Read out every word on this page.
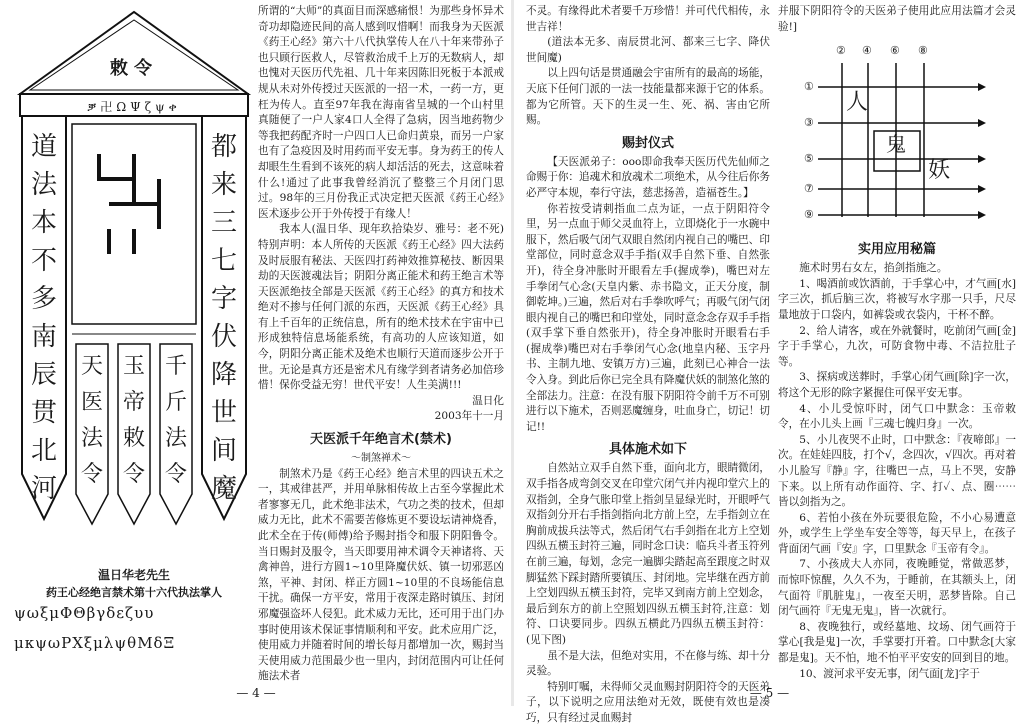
敕令
ቓ卍ΩΨζψቀ
道法本不多南辰贯北河
都来三七字伏降世间魔
天医法令
玉帝敕令
千斤法令
温日华老先生
药王心经绝言禁术第十六代执法掌人
ψωξμΦΘβγδεζυυ
μκψωΡΧξμλψθΜδΞ

所谓的“大师”的真面目而深感痛恨！为那些身怀异术奇功却隐迹民间的高人感到叹惜啊！而我身为天医派《药王心经》第六十八代执掌传人在八十年来带孙子也只顾行医救人，尽管救治成千上万的无数病人，却也愧对天医历代先祖、几十年来因陈旧死板于本派戒规从未对外传授过天医派的一招一术，一药一方，更枉为传人。直至97年我在海南省呈城的一个山村里真随便了一户人家4口人全得了急病，因当地药物少等我把药配齐时一户四口人已命归黄泉，而另一户家也有了急疫因及时用药而平安无事。身为药王的传人却眼生生看到不该死的病人却活活的死去，这意味着什么!通过了此事我曾经消沉了整整三个月闭门思过。98年的三月份我正式决定把天医派《药王心经》医术逐步公开于外传授于有缘人！

我本人(温日华、现年玖拾染岁、雅号：老不死)特别声明：本人所传的天医派《药王心经》四大法药及时辰服有秘法、天医四打药神效推算秘技、断因果劫的天医渡魂法旨；阴阳分离正能术和药王绝言术等天医派绝技全部是天医派《药王心经》的真方和技术绝对不掺与任何门派的东西，天医派《药王心经》具有上千百年的正统信息，所有的绝术技术在宇宙中已形成独特信息场能系统，有高功的人应该知道，如今，阴阳分离正能术及绝术也顺行天道而逐步公开于世。无论是真方还是密术凡有缘学到者请务必加倍珍惜！保你受益无穷！世代平安！人生美满!!!

温日化

2003年十一月

天医派千年绝言术(禁术)

～制煞禅术～

制煞术乃是《药王心经》绝言术里的四诀五术之一，其戒律甚严，并用单脉相传故上古至今掌握此术者寥寥无几，此术绝非法术，气功之类的技术，但却威力无比，此术不需要苦修炼更不要设坛请神烧香，此术全在于传(师傅)给予赐封指令和服下阴阳鲁令。当日赐封及服令，当天即要用神术调令天神诸将、天禽神兽，进行方圆1~10里降魔伏妖、镇一切邪恶凶煞，平神、封闭、样正方圆1~10里的不良场能信息干扰。确保一方平安，常用于夜深走路时镇压、封闭邪魔强盗坏人侵犯。此术威力无比，还可用于出门办事时使用该术保证事情顺利和平安。此术应用广泛，使用威力并随着时间的增长每月都增加一次，赐封当天使用威力范围最少也一里内，封闭范围内可让任何施法术者

— 4 —

不灵。有缘得此术者要千万珍惜！并可代代相传，永世吉祥！

(道法本无多、南辰贯北河、都来三七字、降伏世间魔)

以上四句话是贯通融会宇宙所有的最高的场能，天底下任何门派的一法一技能量都来源于它的体系。都为它所管。天下的生灵一生、死、祸、害由它所赐。

赐封仪式

【天医派弟子：ooo即命我奉天医历代先仙师之命赐于你：追魂术和放魂术二项绝术，从今往后你务必严守本规，奉行守法，慈悲扬善，造福苍生。】

你若按受请刺指血二点为证，一点于阴阳符令里，另一点血于师父灵血符上，立即烧化于一水碗中服下，然后吸气闭气双眼自然闭内视自己的嘴巴、印堂部位，同时意念双手手指(双手自然下垂、自然张开)，待全身冲胀时开眼看左手(握成拳)，嘴巴对左手拳闭气心念(天皇内紫、赤书隐文，正天分度，制御乾坤。)三遍，然后对右手拳吹呼气；再吸气闭气闭眼内视自己的嘴巴和印堂处，同时意念念存双手手指(双手掌下垂自然张开)，待全身冲胀时开眼看右手(握成拳)嘴巴对右手拳闭气心念(地皇内秘、玉字丹书、主制九地、安镇万方)三遍，此刻已心神合一法令入身。到此后你已完全具有降魔伏妖的制煞化煞的全部法力。注意：在没有服下阴阳符令前千万不可别进行以下施术，否则恶魔缠身，吐血身亡，切记！切记!!

具体施术如下

自然站立双手自然下垂，面向北方，眼睛微闭，双手指各成弯剑交叉在印堂穴闭气并内视印堂穴上的双指剑，全身气胀印堂上指剑呈显绿光时，开眼呼气双指剑分开右手指剑指向北方前上空，左手指剑立在胸前成拔兵法等式，然后闭气右手剑指在北方上空划四纵五横玉封符三遍，同时念口诀：临兵斗者玉符列在前三遍，每划，念完一遍脚尖踏起高至跟度之时双脚猛然下踩封踏所要镇压、封闭地。完毕继在西方前上空划四纵五横玉封符，完毕又到南方前上空划念，最后到东方的前上空照划四纵五横玉封符,注意：划符、口诀要同步。四纵五横此乃四纵五横玉封符：(见下图)

虽不是大法，但绝对实用，不在修与练、却十分灵验。

特别叮嘱，未得师父灵血赐封阴阳符令的天医弟子，以下说明之应用法绝对无效，既使有效也是凑巧，只有经过灵血赐封

— 5 —

并服下阴阳符令的天医弟子使用此应用法篇才会灵验!]

② ④ ⑥ ⑧
①
③
⑤
⑦
⑨
人
鬼
妖
实用应用秘篇

施术时男右女左，掐剑指施之。

1、喝酒前或饮酒前，于手掌心中，才气画[水]字三次，抓后脑三次，将被写水字那一只手，尺尽量地放于口袋内，如裤袋或衣袋内，干杯不醉。

2、给人请客，或在外就餐时，吃前闭气画[金]字于手掌心，九次，可防食物中毒、不洁拉肚子等。

3、探病或送葬时，手掌心闭气画[除]字一次，将这个无形的除字紧握住可保平安无事。

4、小儿受惊吓时，闭气口中默念：玉帝敕令，在小儿头上画『三魂七魄归身』一次。

5、小儿夜哭不止时，口中默念：『夜啼郎』一次。在娃娃四肢，打个√，念四次，√四次。再对着小儿脸写『静』字，往嘴巴一点，马上不哭，安静下来。以上所有动作面符、字、打✓、点、圈⋯⋯皆以剑指为之。

6、若怕小孩在外玩要很危险，不小心易遭意外，或学生上学坐车安全等等，每天早上，在孩子背面闭气画『安』字，口里默念『玉帝有令』。

7、小孩成大人亦同，夜晚睡觉，常做恶梦，而惊吓惊醒，久久不为，于睡前，在其额头上，闭气面符『肌脏鬼』，一夜至天明，恶梦皆除。自己闭气画符『无鬼无鬼』，皆一次就行。

8、夜晚独行，或经墓地、坟场、闭气画符于掌心[我是鬼]一次，手掌要打开着。口中默念[大家都是鬼]。天不怕，地不怕平平安安的回到目的地。

10、渡河求平安无事，闭气面[龙]字于
